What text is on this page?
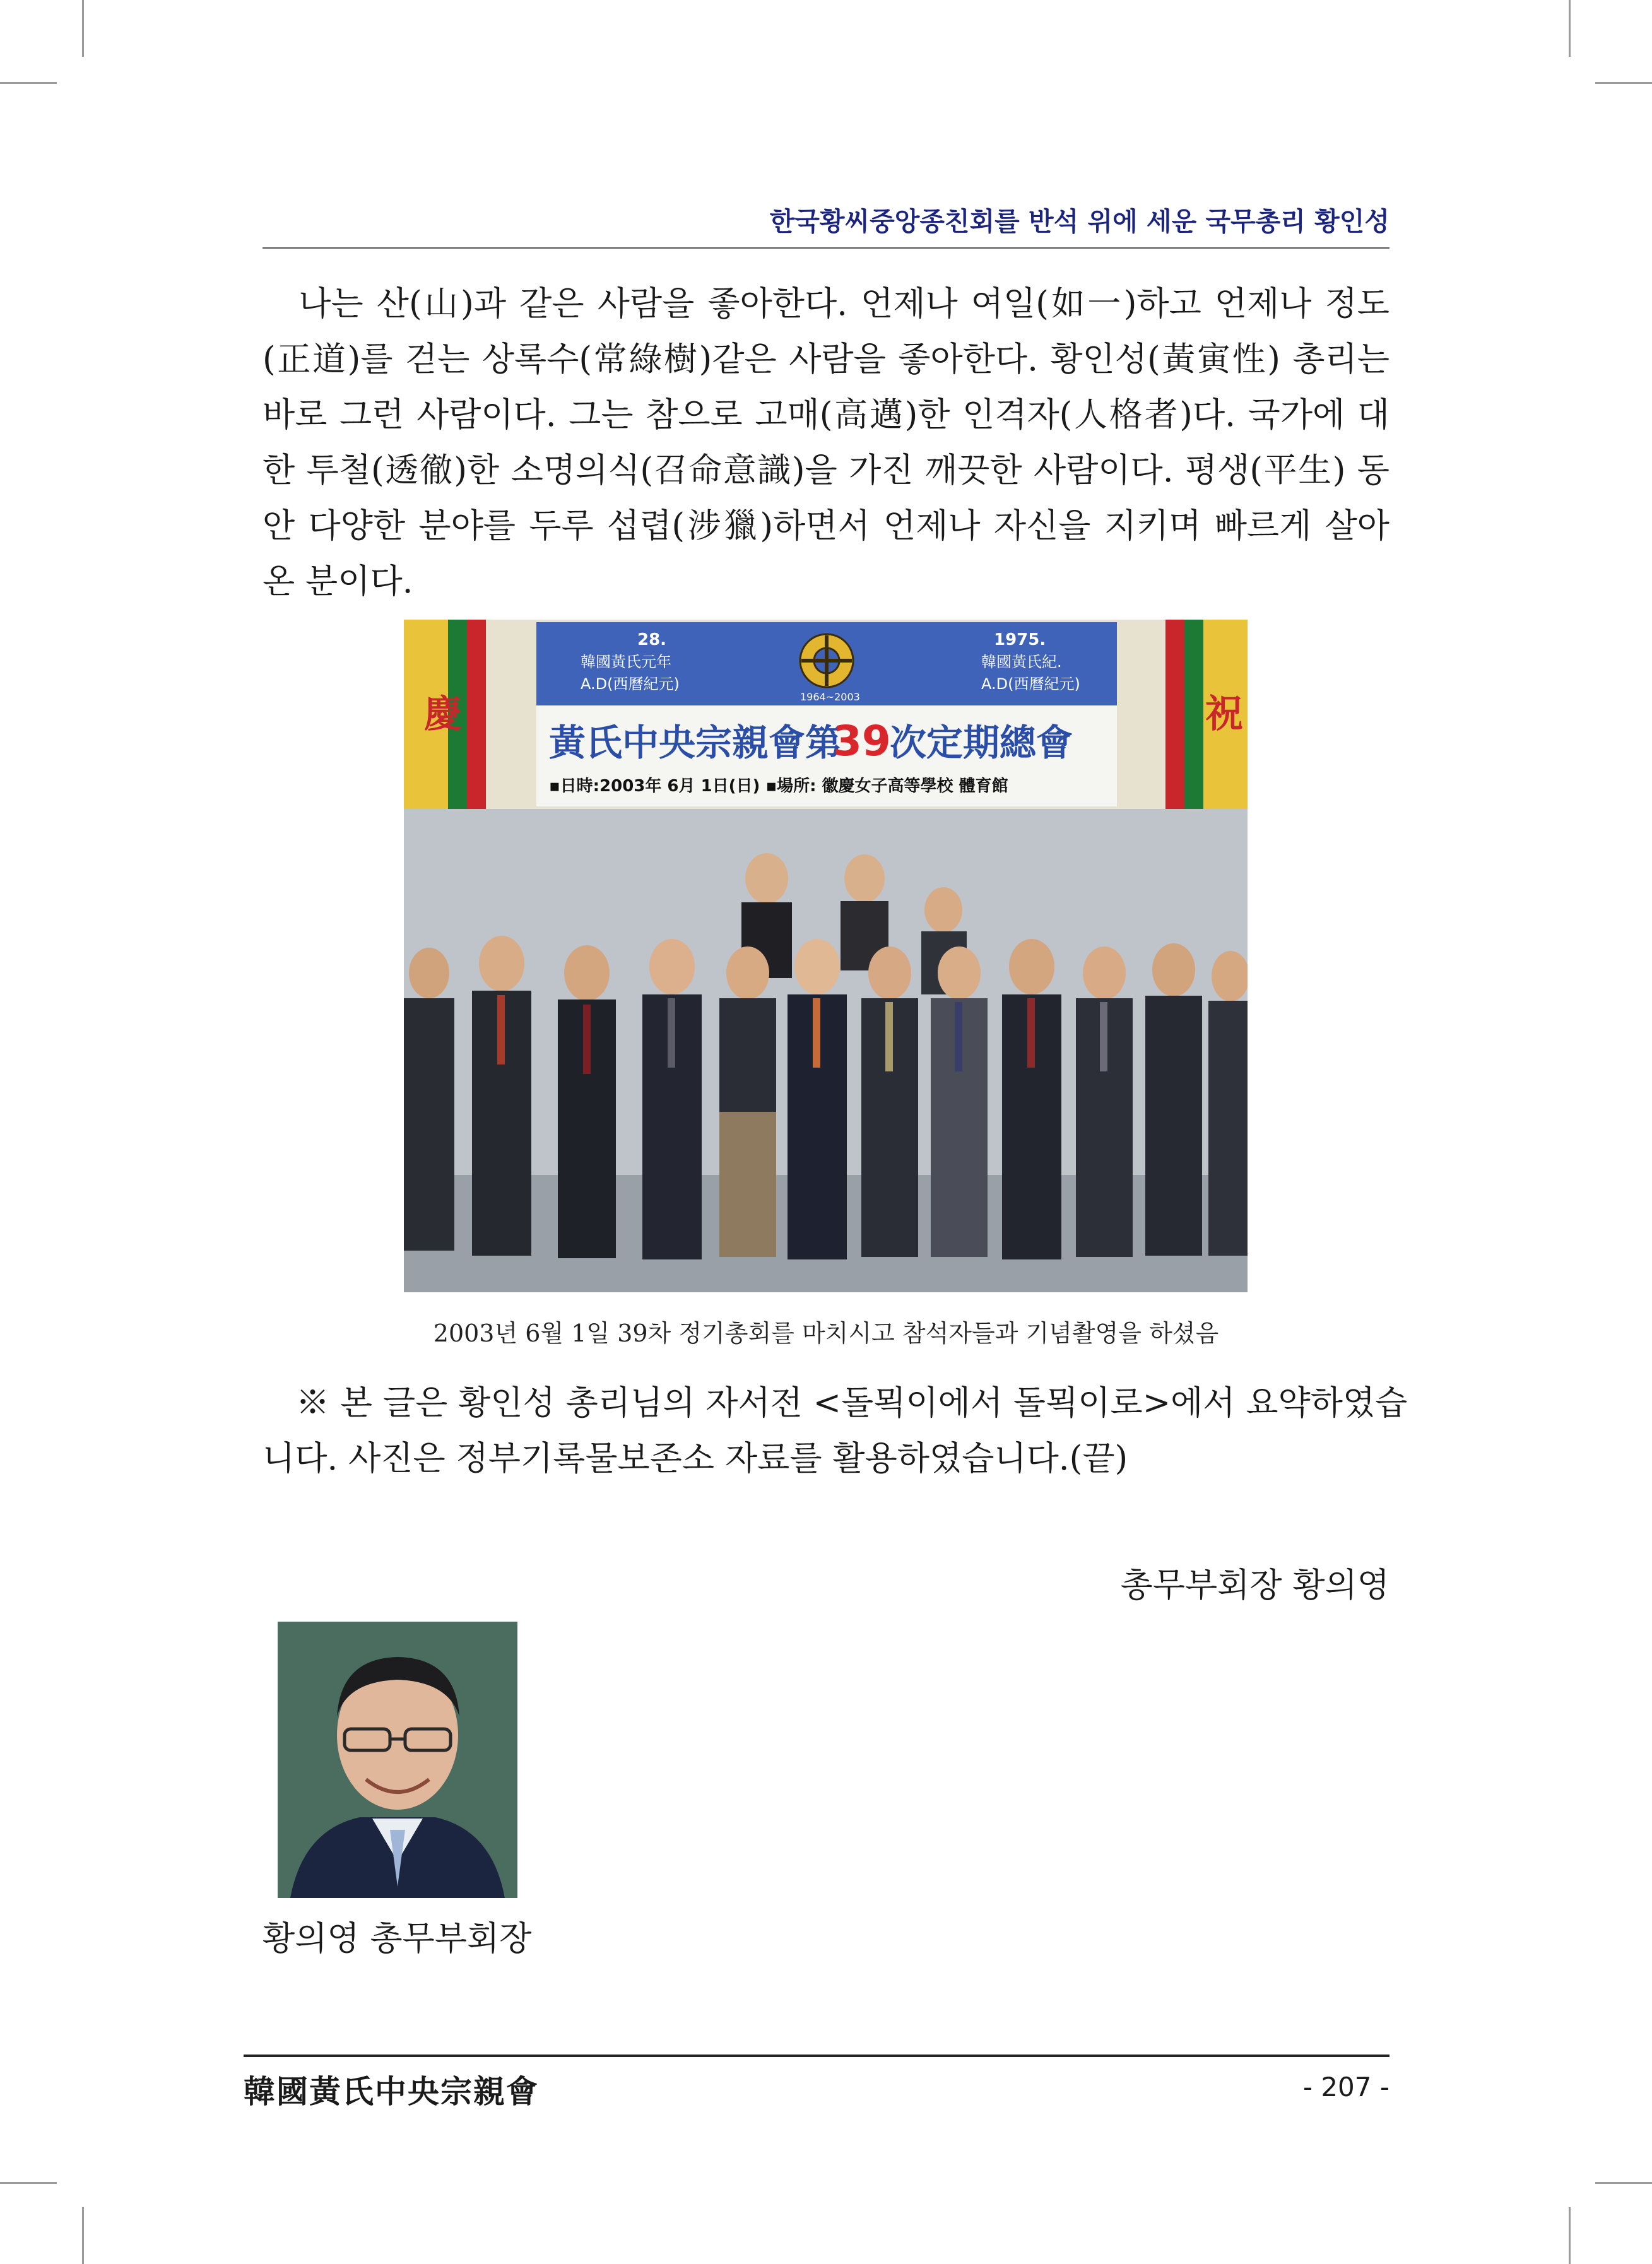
한국황씨중앙종친회를 반석 위에 세운 국무총리 황인성
　나는 산(山)과 같은 사람을 좋아한다. 언제나 여일(如一)하고 언제나 정도
(正道)를 걷는 상록수(常綠樹)같은 사람을 좋아한다. 황인성(黃寅性) 총리는
바로 그런 사람이다. 그는 참으로 고매(高邁)한 인격자(人格者)다. 국가에 대
한 투철(透徹)한 소명의식(召命意識)을 가진 깨끗한 사람이다. 평생(平生) 동
안 다양한 분야를 두루 섭렵(涉獵)하면서 언제나 자신을 지키며 빠르게 살아
온 분이다.
慶	祝
28.
韓國黃氏元年
A.D(西曆紀元)
1975.
韓國黃氏紀.
A.D(西曆紀元)
1964~2003
黃氏中央宗親會第
39
次定期總會
▪日時:2003年 6月 1日(日) ▪場所: 徽慶女子高等學校 體育館
2003년 6월 1일 39차 정기총회를 마치시고 참석자들과 기념촬영을 하셨음
　※ 본 글은 황인성 총리님의 자서전 <돌뫽이에서 돌뫽이로>에서 요약하였습
니다. 사진은 정부기록물보존소 자료를 활용하였습니다.(끝)
총무부회장 황의영
황의영 총무부회장
韓國黃氏中央宗親會	- 207 -
